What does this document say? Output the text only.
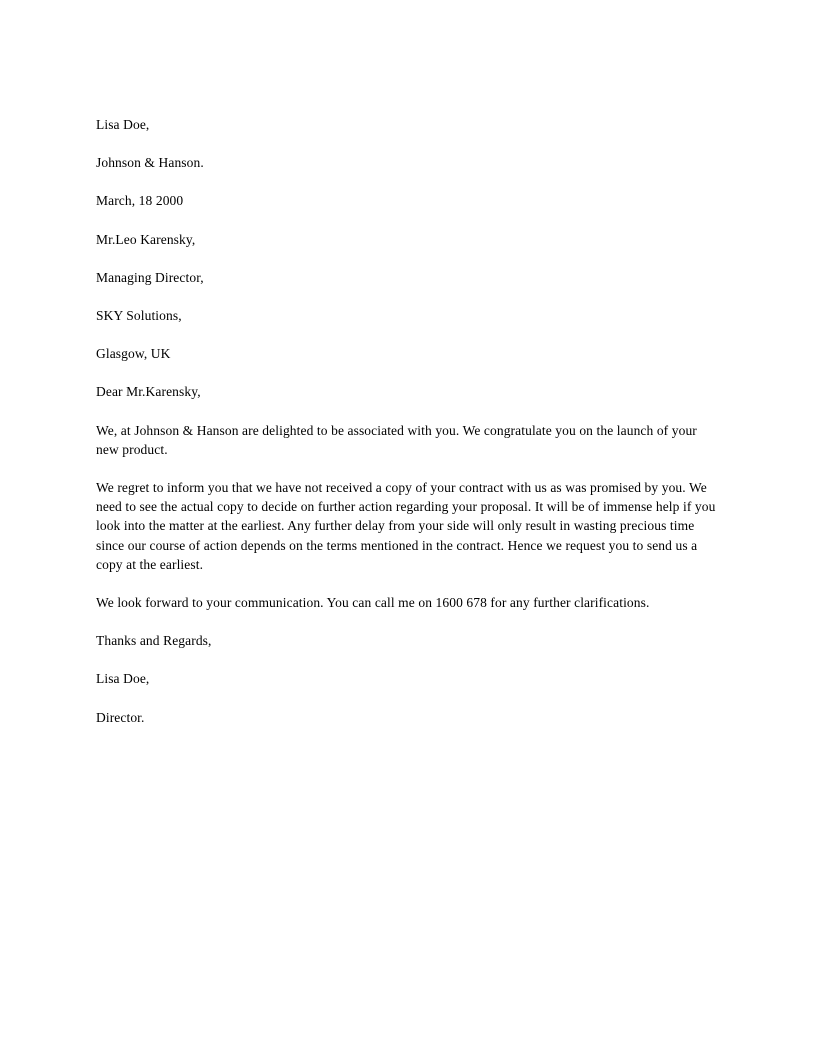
Lisa Doe,

Johnson & Hanson.

March, 18 2000

Mr.Leo Karensky,

Managing Director,

SKY Solutions,

Glasgow, UK

Dear Mr.Karensky,

We, at Johnson & Hanson are delighted to be associated with you. We congratulate you on the launch of your new product.

We regret to inform you that we have not received a copy of your contract with us as was promised by you. We need to see the actual copy to decide on further action regarding your proposal. It will be of immense help if you look into the matter at the earliest. Any further delay from your side will only result in wasting precious time since our course of action depends on the terms mentioned in the contract. Hence we request you to send us a copy at the earliest.

We look forward to your communication. You can call me on 1600 678 for any further clarifications.

Thanks and Regards,

Lisa Doe,

Director.
